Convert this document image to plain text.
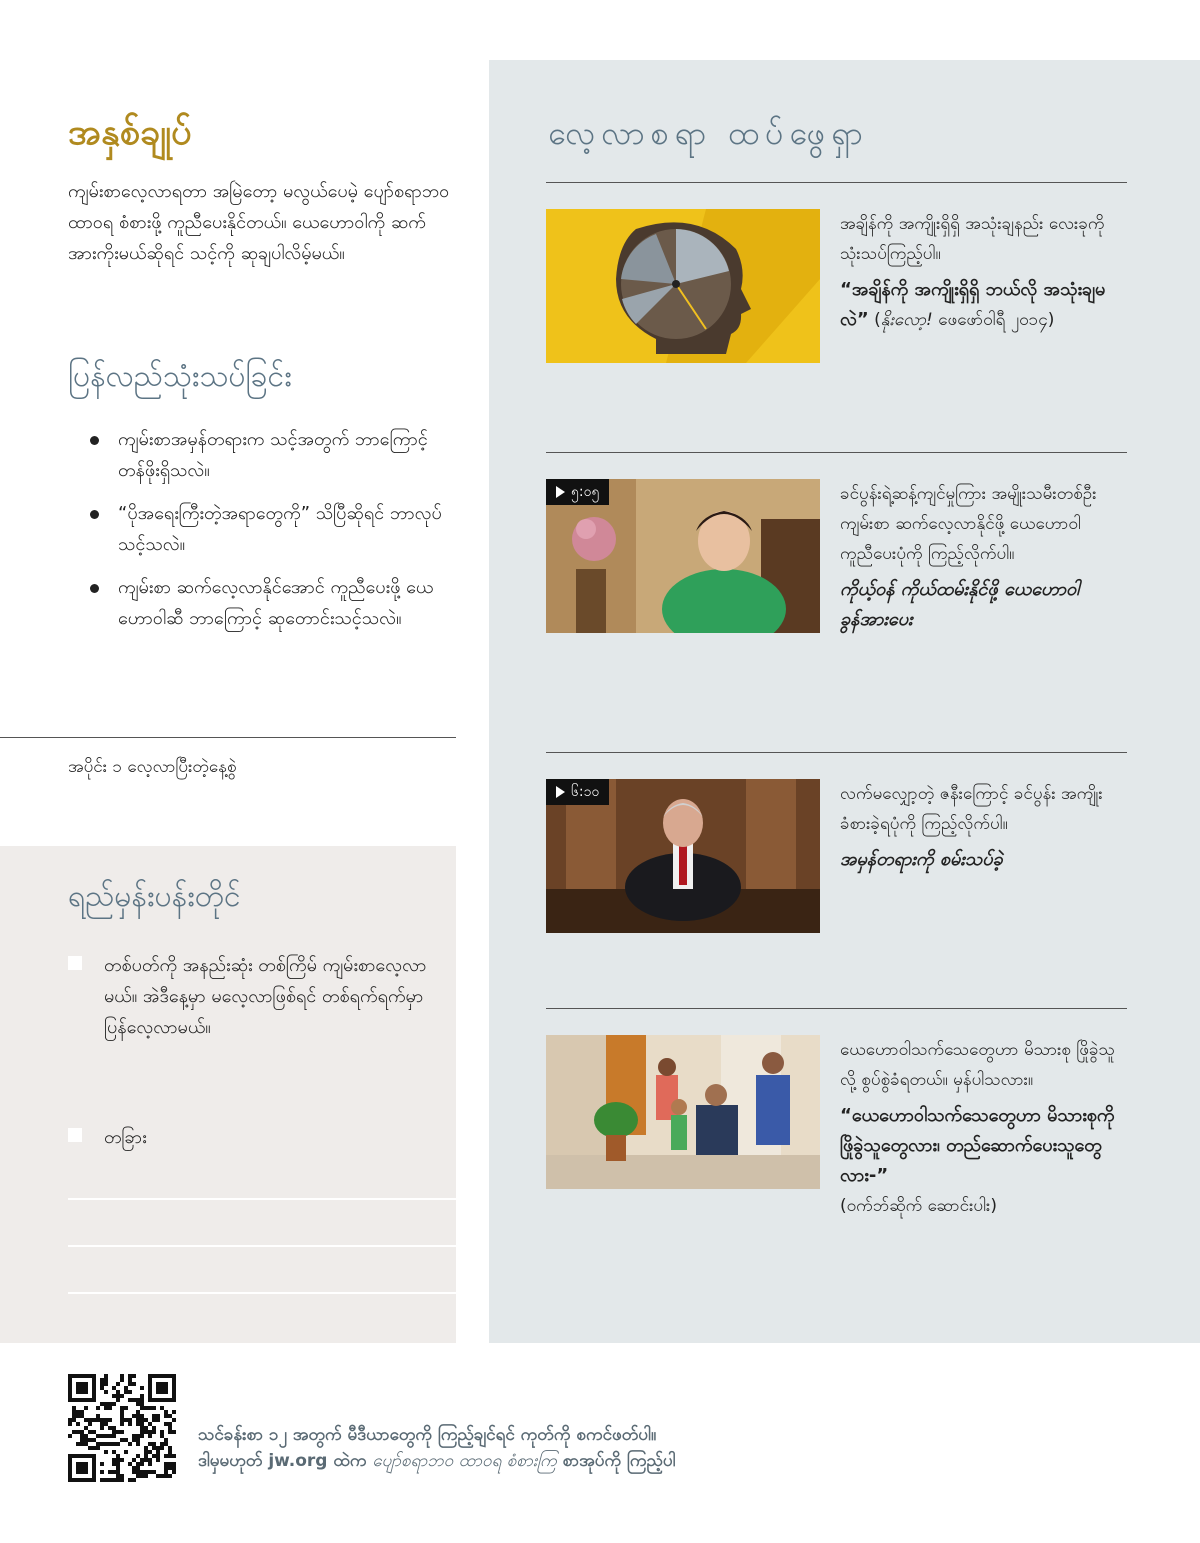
အနှစ်ချုပ်
ကျမ်းစာလေ့လာရတာ အမြဲတော့ မလွယ်ပေမဲ့ ပျော်စရာဘဝ ထာဝရ စံစားဖို့ ကူညီပေးနိုင်တယ်။ ယေဟောဝါကို ဆက်အားကိုးမယ်ဆိုရင် သင့်ကို ဆုချပါလိမ့်မယ်။
ပြန်လည်သုံးသပ်ခြင်း
ကျမ်းစာအမှန်တရားက သင့်အတွက် ဘာကြောင့် တန်ဖိုးရှိသလဲ။
“ပိုအရေးကြီးတဲ့အရာတွေကို” သိပြီဆိုရင် ဘာလုပ်သင့်သလဲ။
ကျမ်းစာ ဆက်လေ့လာနိုင်အောင် ကူညီပေးဖို့ ယေဟောဝါဆီ ဘာကြောင့် ဆုတောင်းသင့်သလဲ။
အပိုင်း ၁ လေ့လာပြီးတဲ့နေ့စွဲ
ရည်မှန်းပန်းတိုင်
တစ်ပတ်ကို အနည်းဆုံး တစ်ကြိမ် ကျမ်းစာလေ့လာမယ်။ အဲဒီနေ့မှာ မလေ့လာဖြစ်ရင် တစ်ရက်ရက်မှာ ပြန်လေ့လာမယ်။
တခြား
လေ့လာစရာ ထပ်ဖွေရှာ

အချိန်ကို အကျိုးရှိရှိ အသုံးချနည်း လေးခုကို သုံးသပ်ကြည့်ပါ။

“အချိန်ကို အကျိုးရှိရှိ ဘယ်လို အသုံးချမလဲ” (နိုးလော့! ဖေဖော်ဝါရီ ၂၀၁၄)

၅:၀၅	ခင်ပွန်းရဲ့ဆန့်ကျင်မှုကြား အမျိုးသမီးတစ်ဦး ကျမ်းစာ ဆက်လေ့လာနိုင်ဖို့ ယေဟောဝါ ကူညီပေးပုံကို ကြည့်လိုက်ပါ။

ကိုယ့်ဝန် ကိုယ်ထမ်းနိုင်ဖို့ ယေဟောဝါ ခွန်အားပေး

၆:၁၀	လက်မလျှော့တဲ့ ဇနီးကြောင့် ခင်ပွန်း အကျိုးခံစားခဲ့ရပုံကို ကြည့်လိုက်ပါ။

အမှန်တရားကို စမ်းသပ်ခဲ့

ယေဟောဝါသက်သေတွေဟာ မိသားစု ဖြိုခွဲသူလို့ စွပ်စွဲခံရတယ်။ မှန်ပါသလား။

“ယေဟောဝါသက်သေတွေဟာ မိသားစုကို ဖြိုခွဲသူတွေလား၊ တည်ဆောက်ပေးသူတွေလား-”

(ဝက်ဘ်ဆိုက် ဆောင်းပါး)

သင်ခန်းစာ ၁၂ အတွက် မီဒီယာတွေကို ကြည့်ချင်ရင် ကုတ်ကို စကင်ဖတ်ပါ။
ဒါမှမဟုတ် jw.org ထဲက ပျော်စရာဘဝ ထာဝရ စံစားကြ စာအုပ်ကို ကြည့်ပါ
